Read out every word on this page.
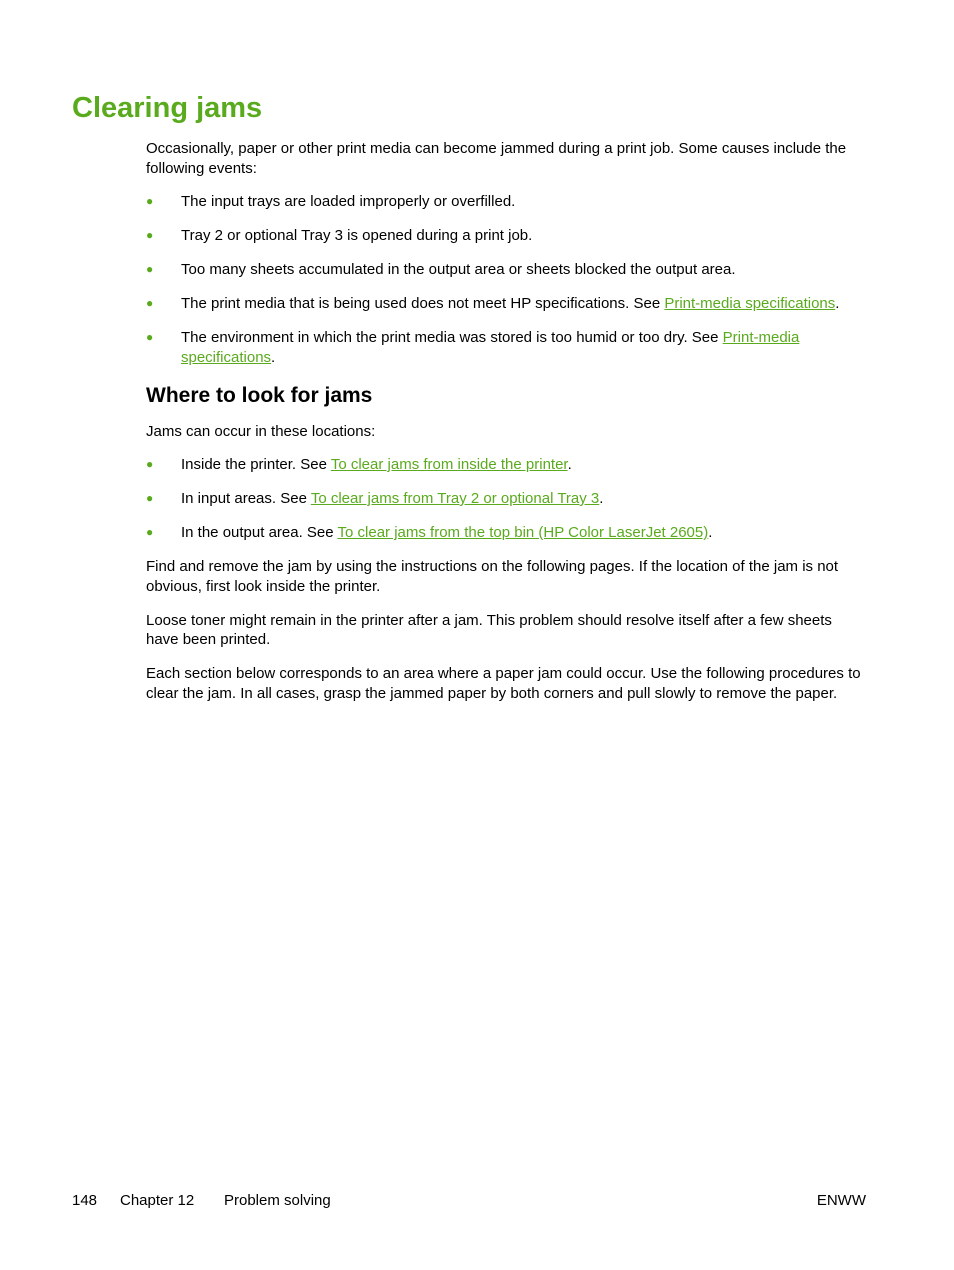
Clearing jams

Occasionally, paper or other print media can become jammed during a print job. Some causes include the following events:

●	The input trays are loaded improperly or overfilled.
●	Tray 2 or optional Tray 3 is opened during a print job.
●	Too many sheets accumulated in the output area or sheets blocked the output area.
●	The print media that is being used does not meet HP specifications. See Print-media specifications.
●	The environment in which the print media was stored is too humid or too dry. See Print-media specifications.
Where to look for jams

Jams can occur in these locations:

●	Inside the printer. See To clear jams from inside the printer.
●	In input areas. See To clear jams from Tray 2 or optional Tray 3.
●	In the output area. See To clear jams from the top bin (HP Color LaserJet 2605).

Find and remove the jam by using the instructions on the following pages. If the location of the jam is not obvious, first look inside the printer.

Loose toner might remain in the printer after a jam. This problem should resolve itself after a few sheets have been printed.

Each section below corresponds to an area where a paper jam could occur. Use the following procedures to clear the jam. In all cases, grasp the jammed paper by both corners and pull slowly to remove the paper.

148 Chapter 12 Problem solving	ENWW
